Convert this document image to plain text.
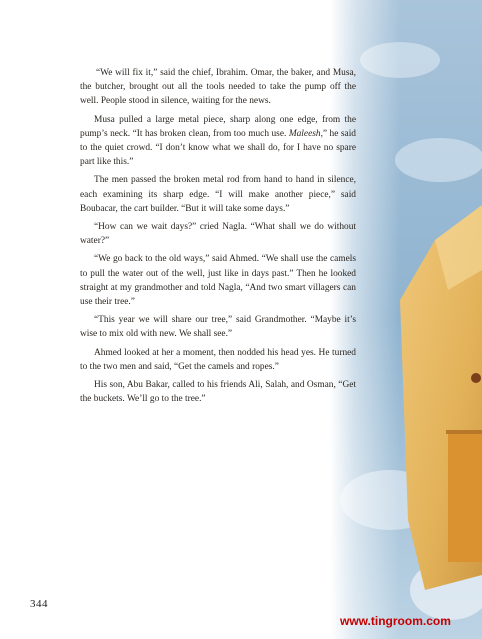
“We will fix it,” said the chief, Ibrahim. Omar, the baker, and Musa, the butcher, brought out all the tools needed to take the pump off the well. People stood in silence, waiting for the news.

Musa pulled a large metal piece, sharp along one edge, from the pump’s neck. “It has broken clean, from too much use. Maleesh,” he said to the quiet crowd. “I don’t know what we shall do, for I have no spare part like this.”

The men passed the broken metal rod from hand to hand in silence, each examining its sharp edge. “I will make another piece,” said Boubacar, the cart builder. “But it will take some days.”

“How can we wait days?” cried Nagla. “What shall we do without water?”

“We go back to the old ways,” said Ahmed. “We shall use the camels to pull the water out of the well, just like in days past.” Then he looked straight at my grandmother and told Nagla, “And two smart villagers can use their tree.”

“This year we will share our tree,” said Grandmother. “Maybe it’s wise to mix old with new. We shall see.”

Ahmed looked at her a moment, then nodded his head yes. He turned to the two men and said, “Get the camels and ropes.”

His son, Abu Bakar, called to his friends Ali, Salah, and Osman, “Get the buckets. We’ll go to the tree.”

344
www.tingroom.com
